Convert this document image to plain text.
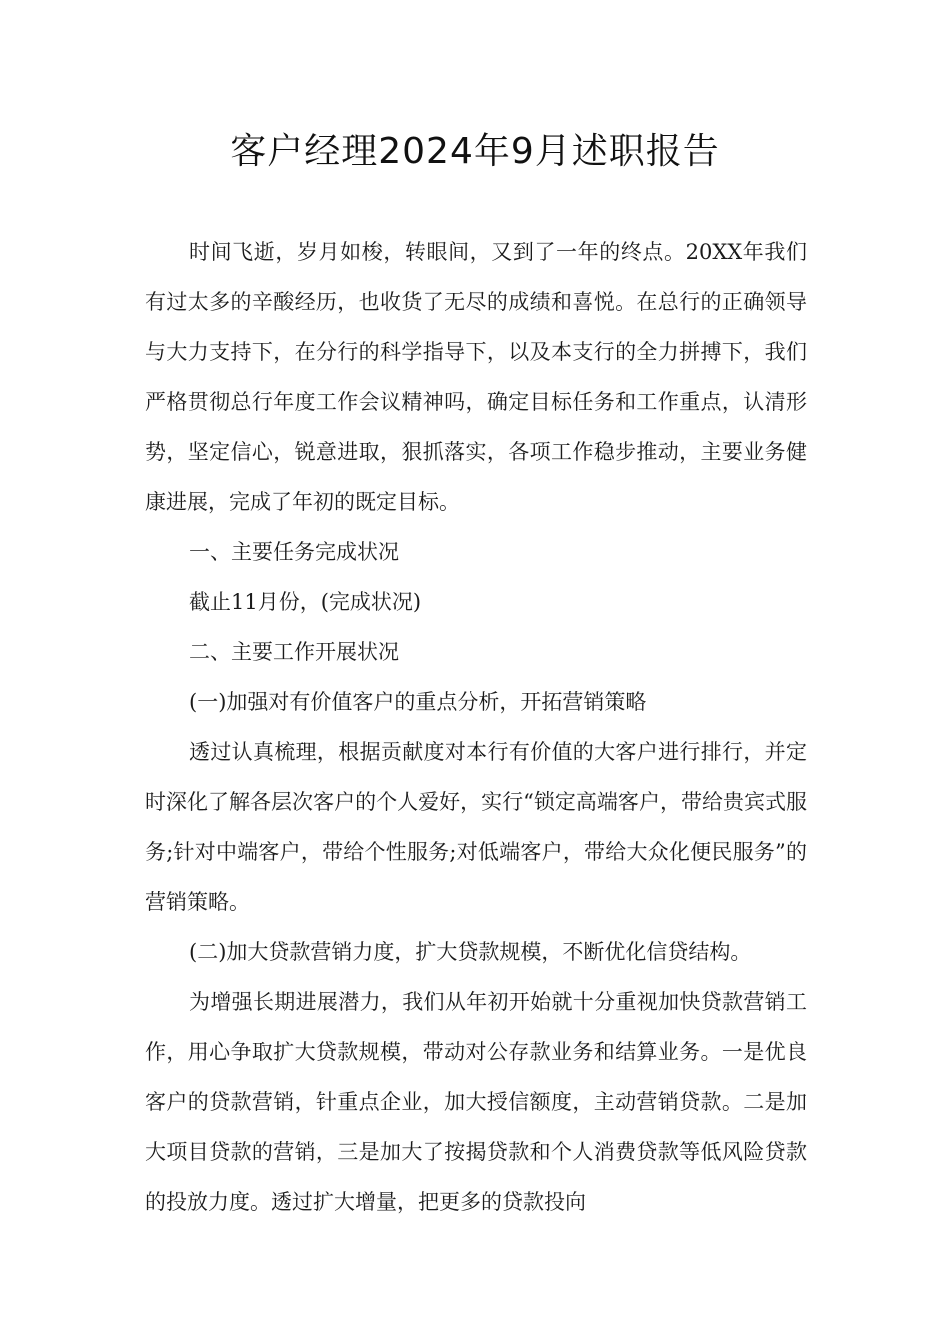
客户经理2024年9月述职报告

时间飞逝，岁月如梭，转眼间，又到了一年的终点。20XX年我们有过太多的辛酸经历，也收货了无尽的成绩和喜悦。在总行的正确领导与大力支持下，在分行的科学指导下，以及本支行的全力拼搏下，我们严格贯彻总行年度工作会议精神吗，确定目标任务和工作重点，认清形势，坚定信心，锐意进取，狠抓落实，各项工作稳步推动，主要业务健康进展，完成了年初的既定目标。

一、主要任务完成状况

截止11月份，(完成状况)

二、主要工作开展状况

(一)加强对有价值客户的重点分析，开拓营销策略

透过认真梳理，根据贡献度对本行有价值的大客户进行排行，并定时深化了解各层次客户的个人爱好，实行“锁定高端客户，带给贵宾式服务;针对中端客户，带给个性服务;对低端客户，带给大众化便民服务”的营销策略。

(二)加大贷款营销力度，扩大贷款规模，不断优化信贷结构。

为增强长期进展潜力，我们从年初开始就十分重视加快贷款营销工作，用心争取扩大贷款规模，带动对公存款业务和结算业务。一是优良客户的贷款营销，针重点企业，加大授信额度，主动营销贷款。二是加大项目贷款的营销，三是加大了按揭贷款和个人消费贷款等低风险贷款的投放力度。透过扩大增量，把更多的贷款投向
